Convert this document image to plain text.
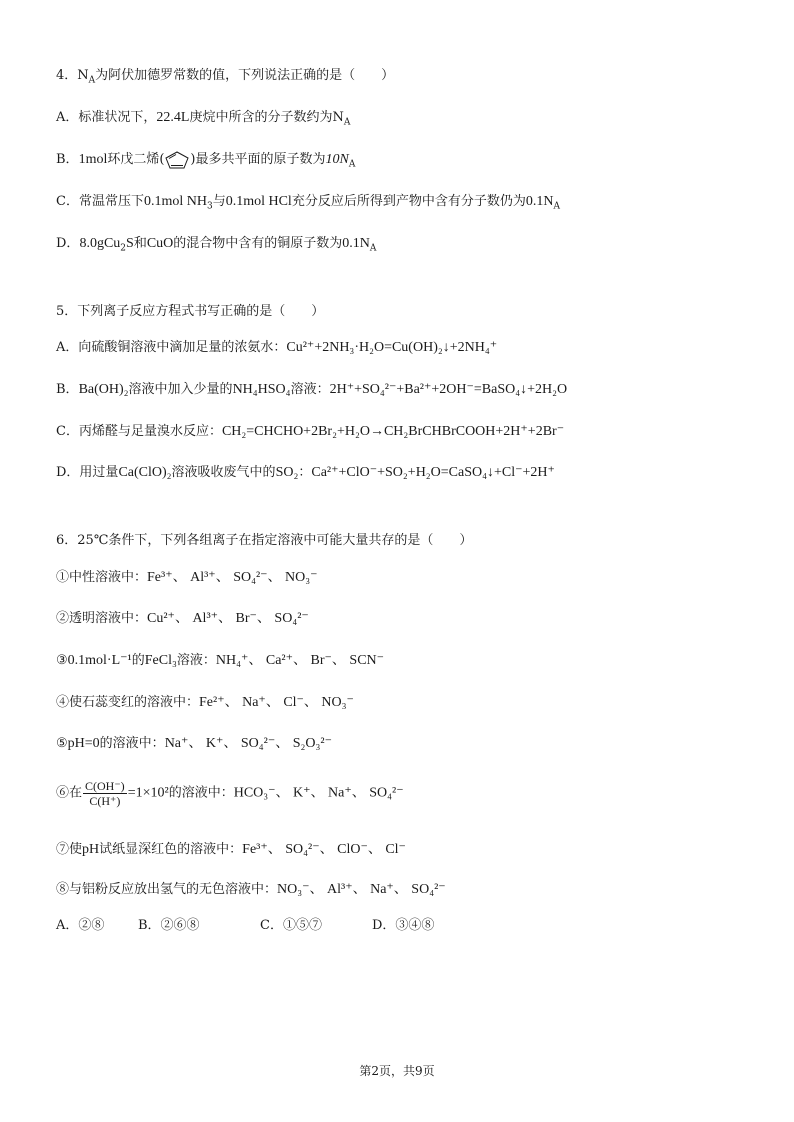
4．$N_A$为阿伏加德罗常数的值，下列说法正确的是（　　）
A．标准状况下，22.4L庚烷中所含的分子数约为$N_A$
B．1mol环戊二烯( )最多共平面的原子数为$10N_A$
C．常温常压下0.1mol $NH_3$与0.1mol HCl充分反应后所得到产物中含有分子数仍为$0.1N_A$
D．8.0gCu$_2$S和CuO的混合物中含有的铜原子数为$0.1N_A$
5．下列离子反应方程式书写正确的是（　　）
A．向硫酸铜溶液中滴加足量的浓氨水：Cu²⁺+2NH₃·H₂O=Cu(OH)₂↓+2NH₄⁺
B．Ba(OH)₂溶液中加入少量的NH₄HSO₄溶液：2H⁺+SO₄²⁻+Ba²⁺+2OH⁻=BaSO₄↓+2H₂O
C．丙烯醛与足量溴水反应：CH₂=CHCHO+2Br₂+H₂O→CH₂BrCHBrCOOH+2H⁺+2Br⁻
D．用过量Ca(ClO)₂溶液吸收废气中的SO₂：Ca²⁺+ClO⁻+SO₂+H₂O=CaSO₄↓+Cl⁻+2H⁺
6．25℃条件下，下列各组离子在指定溶液中可能大量共存的是（　　）
①中性溶液中：Fe³⁺、 Al³⁺、 SO₄²⁻、 NO₃⁻
②透明溶液中：Cu²⁺、 Al³⁺、 Br⁻、 SO₄²⁻
③0.1mol·L⁻¹的FeCl₃溶液：NH₄⁺、 Ca²⁺、 Br⁻、 SCN⁻
④使石蕊变红的溶液中：Fe²⁺、 Na⁺、 Cl⁻、 NO₃⁻
⑤pH=0的溶液中：Na⁺、 K⁺、 SO₄²⁻、 S₂O₃²⁻
⑥在 $\frac{C(OH^-)}{C(H^+)} =1\times 10^2$的溶液中：HCO₃⁻、 K⁺、 Na⁺、 SO₄²⁻
⑦使pH试纸显深红色的溶液中：Fe³⁺、 SO₄²⁻、 ClO⁻、 Cl⁻
⑧与铝粉反应放出氢气的无色溶液中：NO₃⁻、 Al³⁺、 Na⁺、 SO₄²⁻
A．②⑧	B．②⑥⑧	C．①⑤⑦	D．③④⑧
第2页，共9页
